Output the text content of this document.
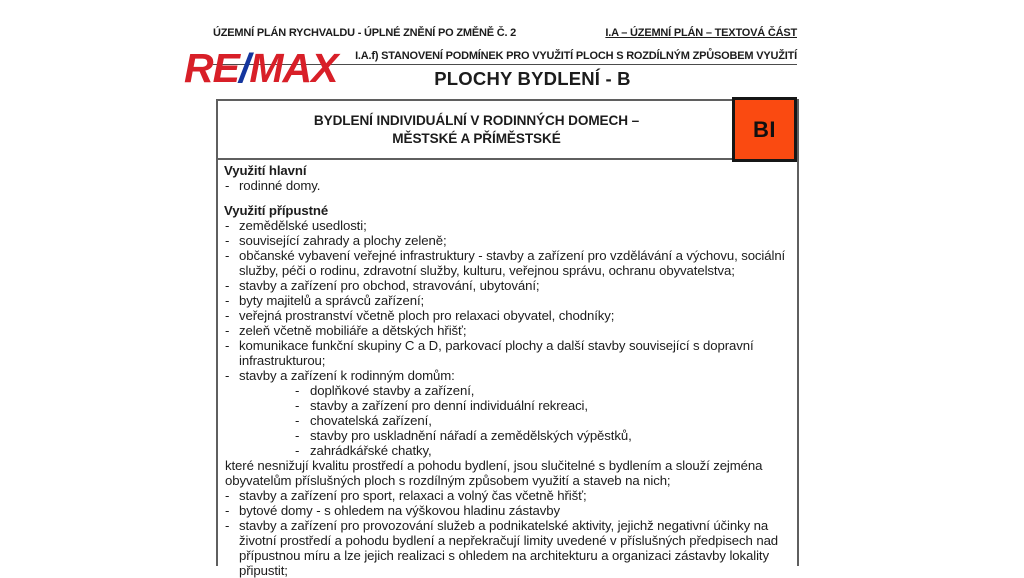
ÚZEMNÍ PLÁN RYCHVALDU - ÚPLNÉ ZNĚNÍ PO ZMĚNĚ Č. 2	I.A – ÚZEMNÍ PLÁN – TEXTOVÁ ČÁST
RE/MAX	I.A.f) STANOVENÍ PODMÍNEK PRO VYUŽITÍ PLOCH S ROZDÍLNÝM ZPŮSOBEM VYUŽITÍ
PLOCHY BYDLENÍ - B
BYDLENÍ INDIVIDUÁLNÍ V RODINNÝCH DOMECH –
MĚSTSKÉ A PŘÍMĚSTSKÉ	BI
Využití hlavní
- rodinné domy.
Využití přípustné
- zemědělské usedlosti;
- související zahrady a plochy zeleně;
- občanské vybavení veřejné infrastruktury - stavby a zařízení pro vzdělávání a výchovu, sociální služby, péči o rodinu, zdravotní služby, kulturu, veřejnou správu, ochranu obyvatelstva;
- stavby a zařízení pro obchod, stravování, ubytování;
- byty majitelů a správců zařízení;
- veřejná prostranství včetně ploch pro relaxaci obyvatel, chodníky;
- zeleň včetně mobiliáře a dětských hřišť;
- komunikace funkční skupiny C a D, parkovací plochy a další stavby související s dopravní infrastrukturou;
- stavby a zařízení k rodinným domům:
- doplňkové stavby a zařízení,
- stavby a zařízení pro denní individuální rekreaci,
- chovatelská zařízení,
- stavby pro uskladnění nářadí a zemědělských výpěstků,
- zahrádkářské chatky,
které nesnižují kvalitu prostředí a pohodu bydlení, jsou slučitelné s bydlením a slouží zejména obyvatelům příslušných ploch s rozdílným způsobem využití a staveb na nich;
- stavby a zařízení pro sport, relaxaci a volný čas včetně hřišť;
- bytové domy - s ohledem na výškovou hladinu zástavby
- stavby a zařízení pro provozování služeb a podnikatelské aktivity, jejichž negativní účinky na životní prostředí a pohodu bydlení a nepřekračují limity uvedené v příslušných předpisech nad přípustnou míru a lze jejich realizaci s ohledem na architekturu a organizaci zástavby lokality připustit;
